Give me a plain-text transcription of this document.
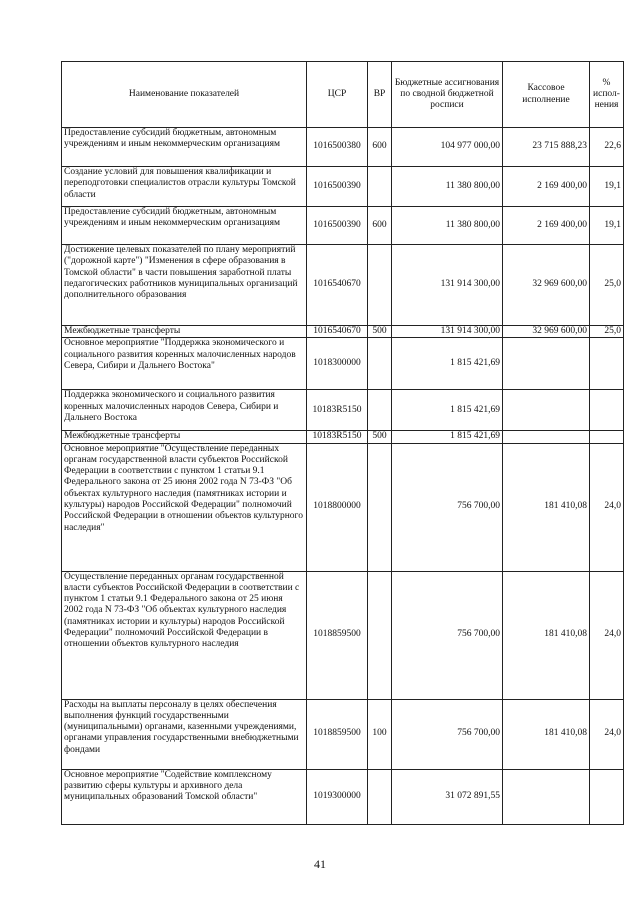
Наименование показателей	ЦСР	ВР	Бюджетные ассигнования по сводной бюджетной росписи	Кассовое исполнение	% испол-нения
Предоставление субсидий бюджетным, автономным учреждениям и иным некоммерческим организациям	1016500380	600	104 977 000,00	23 715 888,23	22,6
Создание условий для повышения квалификации и переподготовки специалистов отрасли культуры Томской области	1016500390		11 380 800,00	2 169 400,00	19,1
Предоставление субсидий бюджетным, автономным учреждениям и иным некоммерческим организациям	1016500390	600	11 380 800,00	2 169 400,00	19,1
Достижение целевых показателей по плану мероприятий ("дорожной карте") "Изменения в сфере образования в Томской области" в части повышения заработной платы педагогических работников муниципальных организаций дополнительного образования	1016540670		131 914 300,00	32 969 600,00	25,0
Межбюджетные трансферты	1016540670	500	131 914 300,00	32 969 600,00	25,0
Основное мероприятие "Поддержка экономического и социального развития коренных малочисленных народов Севера, Сибири и Дальнего Востока"	1018300000		1 815 421,69		
Поддержка экономического и социального развития коренных малочисленных народов Севера, Сибири и Дальнего Востока	10183R5150		1 815 421,69		
Межбюджетные трансферты	10183R5150	500	1 815 421,69		
Основное мероприятие "Осуществление переданных органам государственной власти субъектов Российской Федерации в соответствии с пунктом 1 статьи 9.1 Федерального закона от 25 июня 2002 года N 73-ФЗ "Об объектах культурного наследия (памятниках истории и культуры) народов Российской Федерации" полномочий Российской Федерации в отношении объектов культурного наследия"	1018800000		756 700,00	181 410,08	24,0
Осуществление переданных органам государственной власти субъектов Российской Федерации в соответствии с пунктом 1 статьи 9.1 Федерального закона от 25 июня 2002 года N 73-ФЗ "Об объектах культурного наследия (памятниках истории и культуры) народов Российской Федерации" полномочий Российской Федерации в отношении объектов культурного наследия	1018859500		756 700,00	181 410,08	24,0
Расходы на выплаты персоналу в целях обеспечения выполнения функций государственными (муниципальными) органами, казенными учреждениями, органами управления государственными внебюджетными фондами	1018859500	100	756 700,00	181 410,08	24,0
Основное мероприятие "Содействие комплексному развитию сферы культуры и архивного дела муниципальных образований Томской области"	1019300000		31 072 891,55		
41
